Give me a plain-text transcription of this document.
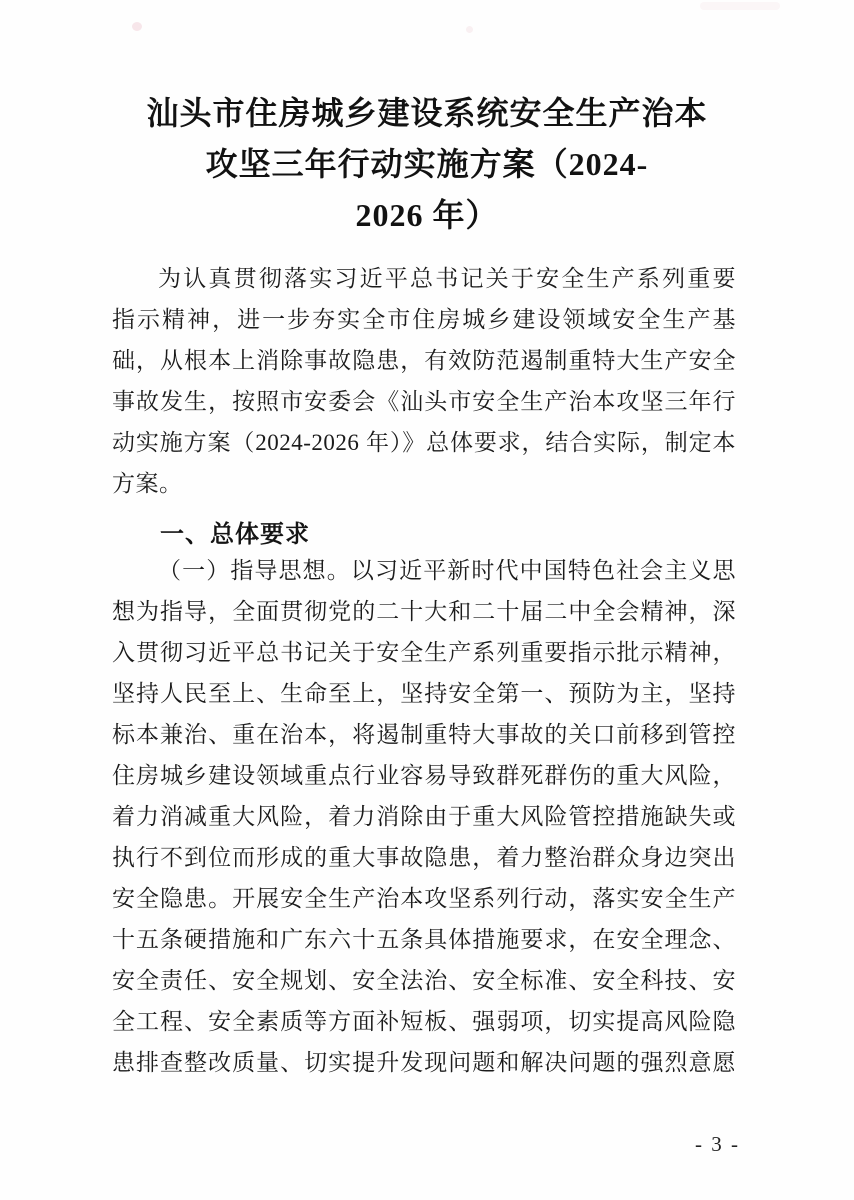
汕头市住房城乡建设系统安全生产治本
攻坚三年行动实施方案（2024-
2026 年）
为认真贯彻落实习近平总书记关于安全生产系列重要
指示精神，进一步夯实全市住房城乡建设领域安全生产基
础，从根本上消除事故隐患，有效防范遏制重特大生产安全
事故发生，按照市安委会《汕头市安全生产治本攻坚三年行
动实施方案（2024-2026 年）》总体要求，结合实际，制定本
方案。
一、总体要求
（一）指导思想。以习近平新时代中国特色社会主义思
想为指导，全面贯彻党的二十大和二十届二中全会精神，深
入贯彻习近平总书记关于安全生产系列重要指示批示精神，
坚持人民至上、生命至上，坚持安全第一、预防为主，坚持
标本兼治、重在治本，将遏制重特大事故的关口前移到管控
住房城乡建设领域重点行业容易导致群死群伤的重大风险，
着力消减重大风险，着力消除由于重大风险管控措施缺失或
执行不到位而形成的重大事故隐患，着力整治群众身边突出
安全隐患。开展安全生产治本攻坚系列行动，落实安全生产
十五条硬措施和广东六十五条具体措施要求，在安全理念、
安全责任、安全规划、安全法治、安全标准、安全科技、安
全工程、安全素质等方面补短板、强弱项，切实提高风险隐
患排查整改质量、切实提升发现问题和解决问题的强烈意愿
- 3 -
